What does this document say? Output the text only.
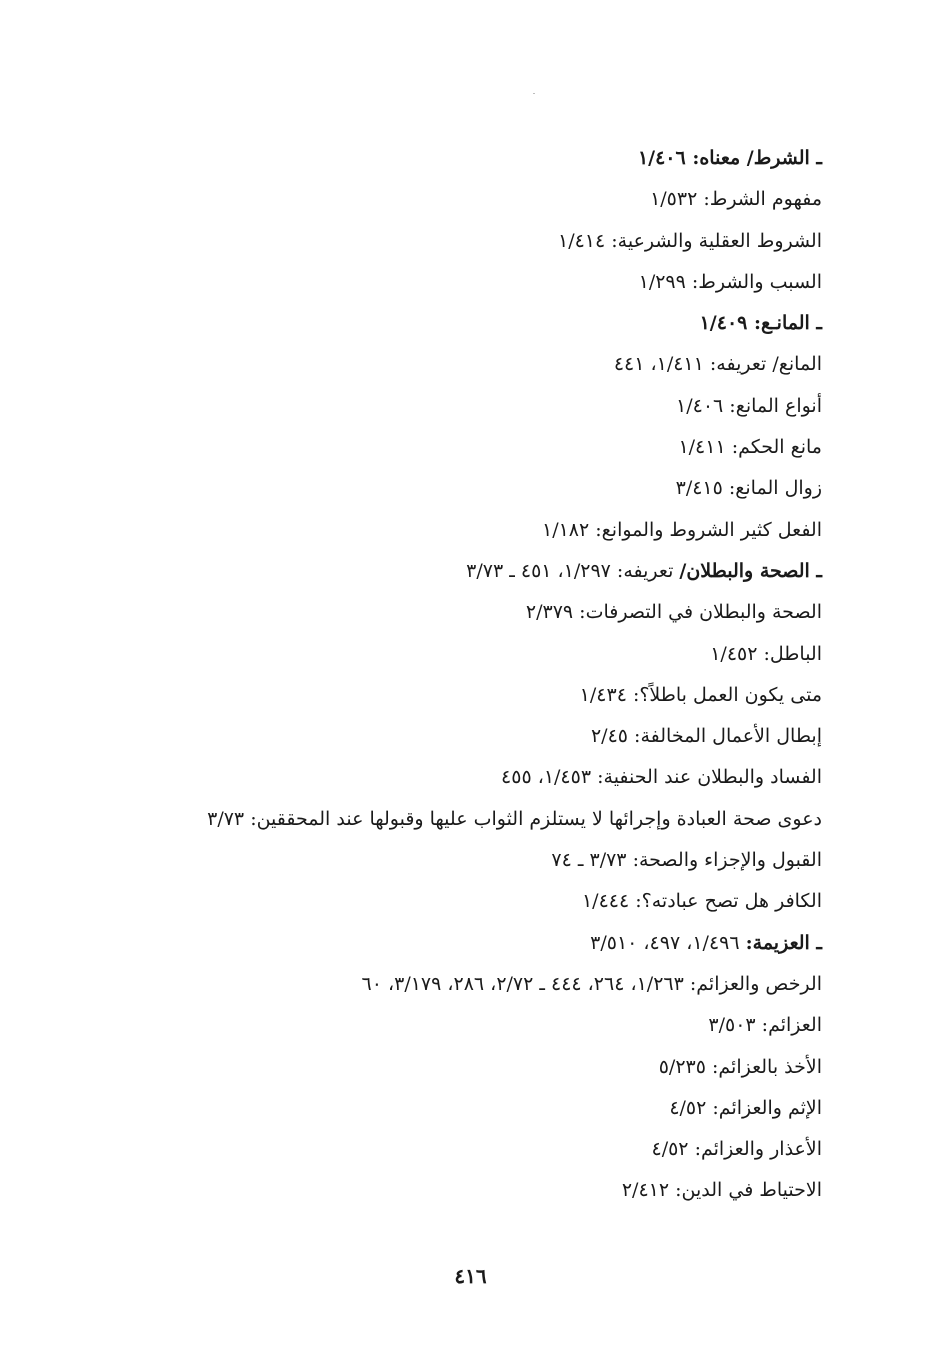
ـ الشرط/ معناه: ١/٤٠٦
مفهوم الشرط: ١/٥٣٢
الشروط العقلية والشرعية: ١/٤١٤
السبب والشرط: ١/٢٩٩
ـ المانـع: ١/٤٠٩
المانع/ تعريفه: ١/٤١١، ٤٤١
أنواع المانع: ١/٤٠٦
مانع الحكم: ١/٤١١
زوال المانع: ٣/٤١٥
الفعل كثير الشروط والموانع: ١/١٨٢
ـ الصحة والبطلان/ تعريفه: ١/٢٩٧، ٤٥١ ـ ٣/٧٣
الصحة والبطلان في التصرفات: ٢/٣٧٩
الباطل: ١/٤٥٢
متى يكون العمل باطلاً؟: ١/٤٣٤
إبطال الأعمال المخالفة: ٢/٤٥
الفساد والبطلان عند الحنفية: ١/٤٥٣، ٤٥٥
دعوى صحة العبادة وإجرائها لا يستلزم الثواب عليها وقبولها عند المحققين: ٣/٧٣
القبول والإجزاء والصحة: ٣/٧٣ ـ ٧٤
الكافر هل تصح عبادته؟: ١/٤٤٤
ـ العزيمة: ١/٤٩٦، ٤٩٧، ٣/٥١٠
الرخص والعزائم: ١/٢٦٣، ٢٦٤، ٤٤٤ ـ ٢/٧٢، ٢٨٦، ٣/١٧٩، ٦٠
العزائم: ٣/٥٠٣
الأخذ بالعزائم: ٥/٢٣٥
الإثم والعزائم: ٤/٥٢
الأعذار والعزائم: ٤/٥٢
الاحتياط في الدين: ٢/٤١٢
٤١٦
